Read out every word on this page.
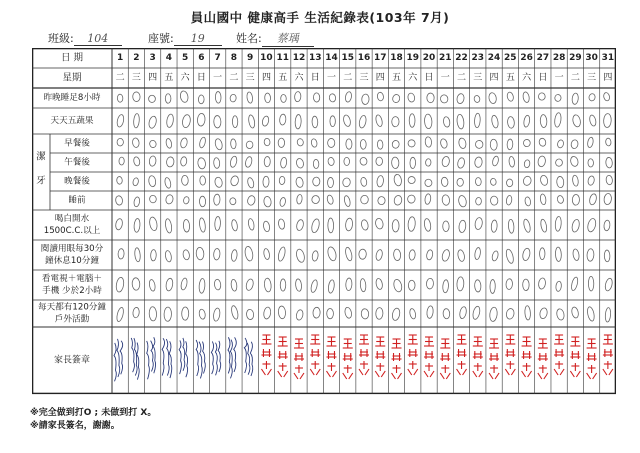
員山國中 健康高手 生活紀錄表(103年 7月)
班級: 104	座號: 19	姓名: 蔡瑀
日 期
星期
1
二
2
三
3
四
4
五
5
六
6
日
7
一
8
二
9
三
10
四
11
五
12
六
13
日
14
一
15
二
16
三
17
四
18
五
19
六
20
日
21
一
22
二
23
三
24
四
25
五
26
六
27
日
28
一
29
二
30
三
31
四
昨晚睡足8小時
天天五蔬果
早餐後
午餐後
晚餐後
睡前
喝白開水
1500C.C.以上
閱讀用眼每30分
鐘休息10分鐘
看電視＋電腦＋
手機 少於2小時
每天都有120分鐘
戶外活動
潔
牙
家長簽章
※完全做到打O ; 未做到打 X。
※請家長簽名，謝謝。
